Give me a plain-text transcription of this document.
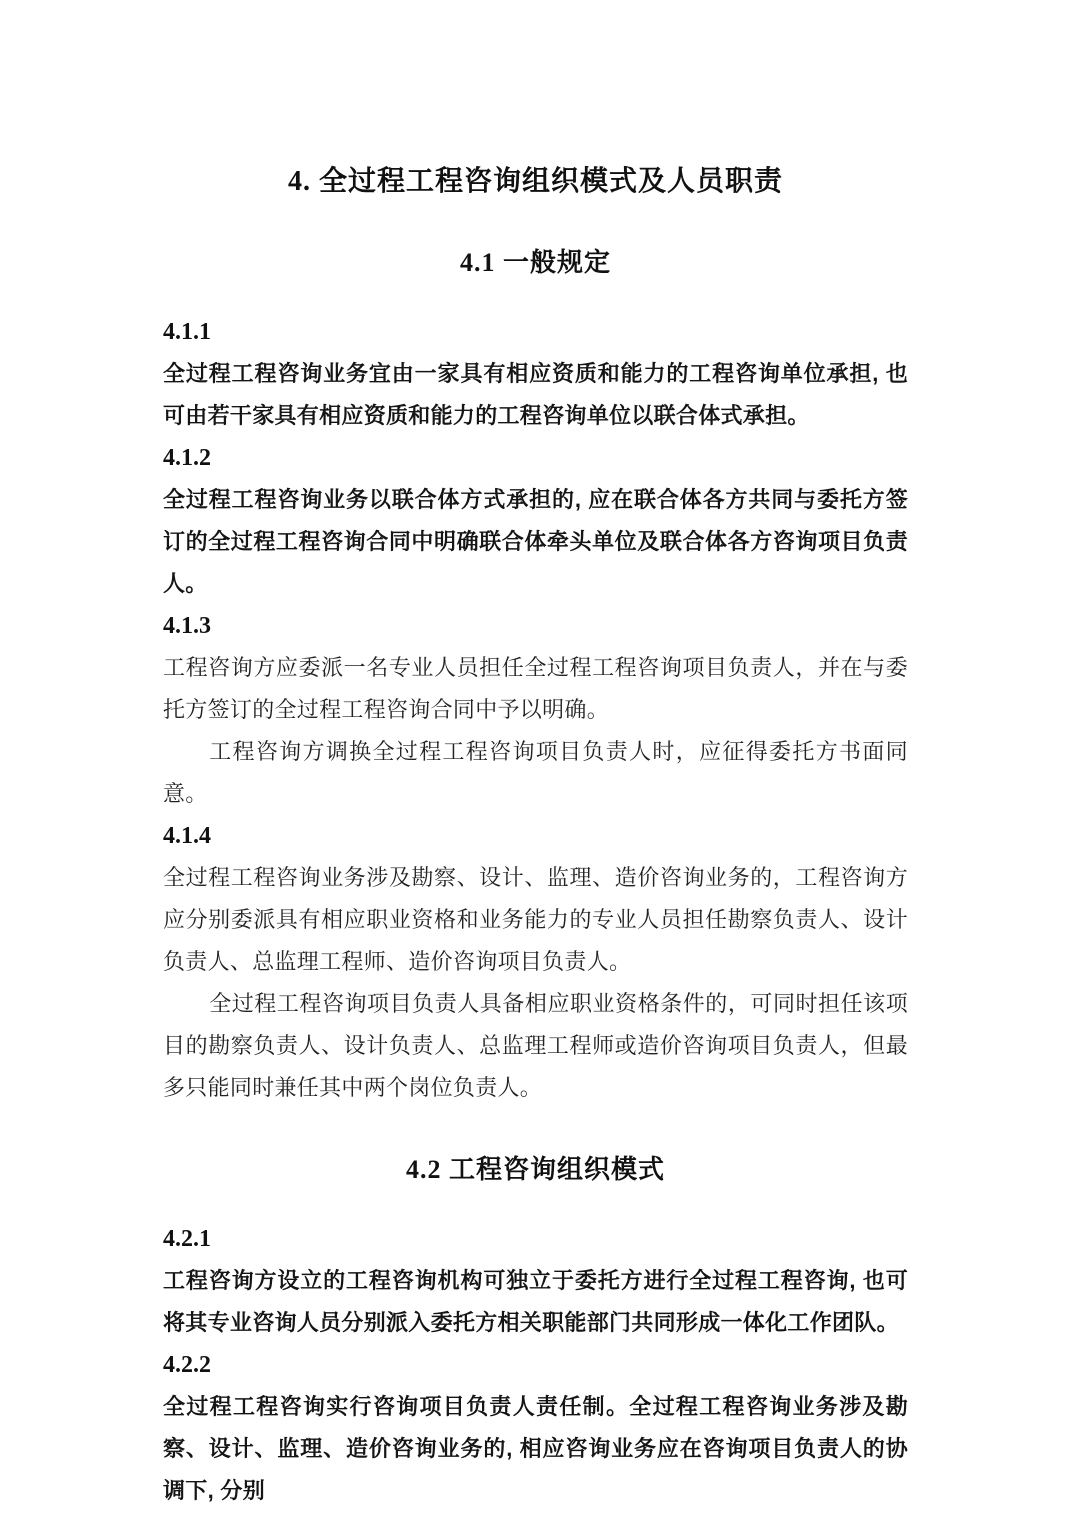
4. 全过程工程咨询组织模式及人员职责
4.1 一般规定
4.1.1

全过程工程咨询业务宜由一家具有相应资质和能力的工程咨询单位承担, 也可由若干家具有相应资质和能力的工程咨询单位以联合体式承担。

4.1.2

全过程工程咨询业务以联合体方式承担的, 应在联合体各方共同与委托方签订的全过程工程咨询合同中明确联合体牵头单位及联合体各方咨询项目负责人。

4.1.3

工程咨询方应委派一名专业人员担任全过程工程咨询项目负责人，并在与委托方签订的全过程工程咨询合同中予以明确。

工程咨询方调换全过程工程咨询项目负责人时，应征得委托方书面同意。

4.1.4

全过程工程咨询业务涉及勘察、设计、监理、造价咨询业务的，工程咨询方应分别委派具有相应职业资格和业务能力的专业人员担任勘察负责人、设计负责人、总监理工程师、造价咨询项目负责人。

全过程工程咨询项目负责人具备相应职业资格条件的，可同时担任该项目的勘察负责人、设计负责人、总监理工程师或造价咨询项目负责人，但最多只能同时兼任其中两个岗位负责人。

4.2 工程咨询组织模式
4.2.1

工程咨询方设立的工程咨询机构可独立于委托方进行全过程工程咨询, 也可将其专业咨询人员分别派入委托方相关职能部门共同形成一体化工作团队。

4.2.2

全过程工程咨询实行咨询项目负责人责任制。全过程工程咨询业务涉及勘察、设计、监理、造价咨询业务的, 相应咨询业务应在咨询项目负责人的协调下, 分别
